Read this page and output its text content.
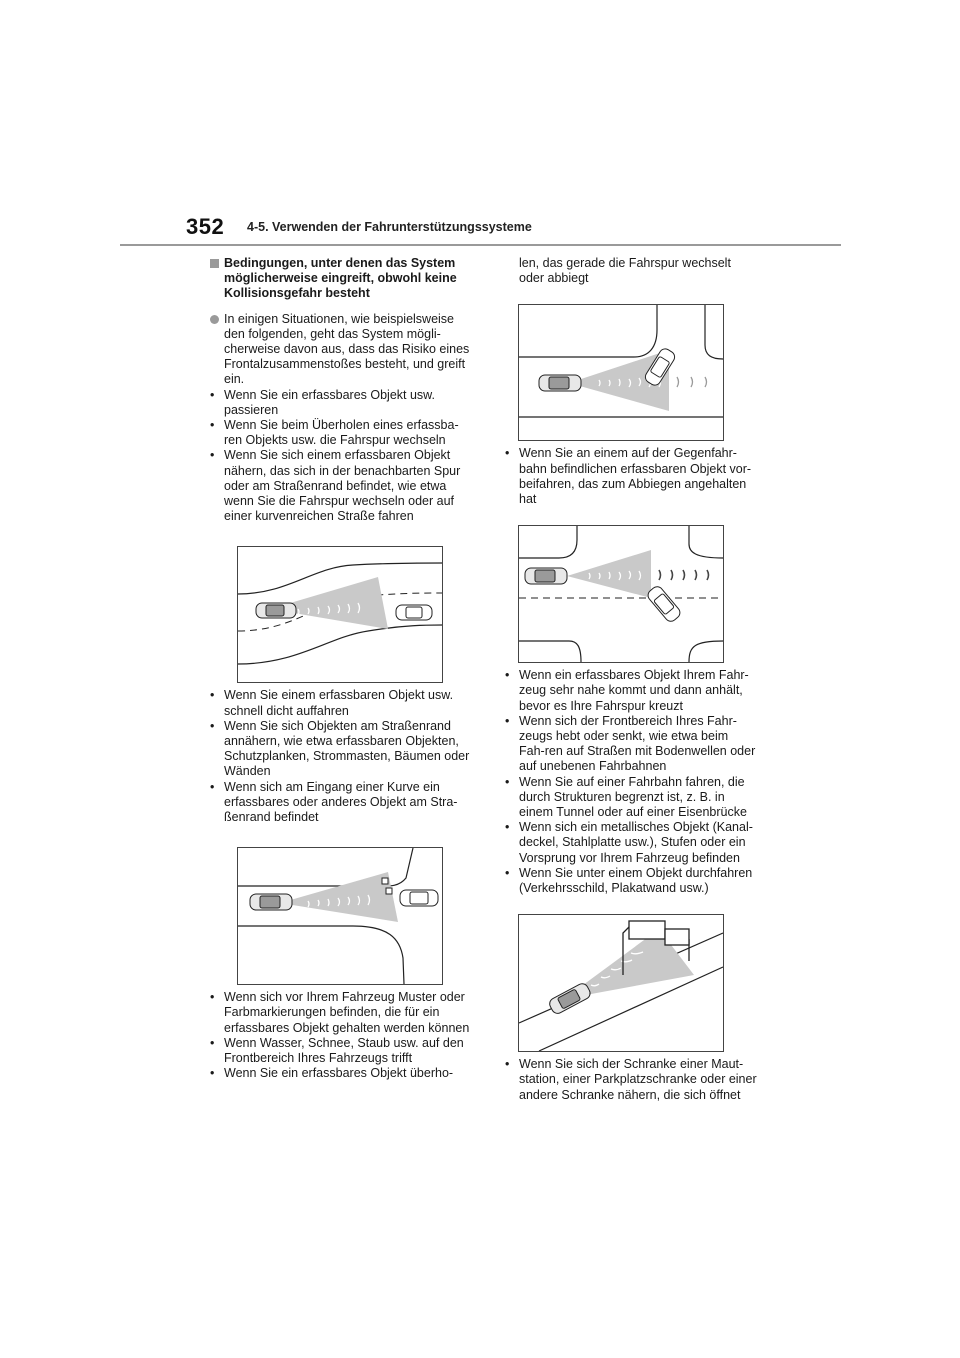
352 4-5. Verwenden der Fahrunterstützungssysteme
Bedingungen, unter denen das System möglicherweise eingreift, obwohl keine Kollisionsgefahr besteht
In einigen Situationen, wie beispielsweise den folgenden, geht das System mögli-cherweise davon aus, dass das Risiko eines Frontalzusammenstoßes besteht, und greift ein.
• Wenn Sie ein erfassbares Objekt usw. passieren
• Wenn Sie beim Überholen eines erfassba-ren Objekts usw. die Fahrspur wechseln
• Wenn Sie sich einem erfassbaren Objekt nähern, das sich in der benachbarten Spur oder am Straßenrand befindet, wie etwa wenn Sie die Fahrspur wechseln oder auf einer kurvenreichen Straße fahren
• Wenn Sie einem erfassbaren Objekt usw. schnell dicht auffahren
• Wenn Sie sich Objekten am Straßenrand annähern, wie etwa erfassbaren Objekten, Schutzplanken, Strommasten, Bäumen oder Wänden
• Wenn sich am Eingang einer Kurve ein erfassbares oder anderes Objekt am Stra-ßenrand befindet
• Wenn sich vor Ihrem Fahrzeug Muster oder Farbmarkierungen befinden, die für ein erfassbares Objekt gehalten werden können
• Wenn Wasser, Schnee, Staub usw. auf den Frontbereich Ihres Fahrzeugs trifft
• Wenn Sie ein erfassbares Objekt überho-
len, das gerade die Fahrspur wechselt oder abbiegt
• Wenn Sie an einem auf der Gegenfahr-bahn befindlichen erfassbaren Objekt vor-beifahren, das zum Abbiegen angehalten hat
• Wenn ein erfassbares Objekt Ihrem Fahr-zeug sehr nahe kommt und dann anhält, bevor es Ihre Fahrspur kreuzt
• Wenn sich der Frontbereich Ihres Fahr-zeugs hebt oder senkt, wie etwa beim Fah-ren auf Straßen mit Bodenwellen oder auf unebenen Fahrbahnen
• Wenn Sie auf einer Fahrbahn fahren, die durch Strukturen begrenzt ist, z. B. in einem Tunnel oder auf einer Eisenbrücke
• Wenn sich ein metallisches Objekt (Kanal-deckel, Stahlplatte usw.), Stufen oder ein Vorsprung vor Ihrem Fahrzeug befinden
• Wenn Sie unter einem Objekt durchfahren (Verkehrsschild, Plakatwand usw.)
• Wenn Sie sich der Schranke einer Maut-station, einer Parkplatzschranke oder einer andere Schranke nähern, die sich öffnet
